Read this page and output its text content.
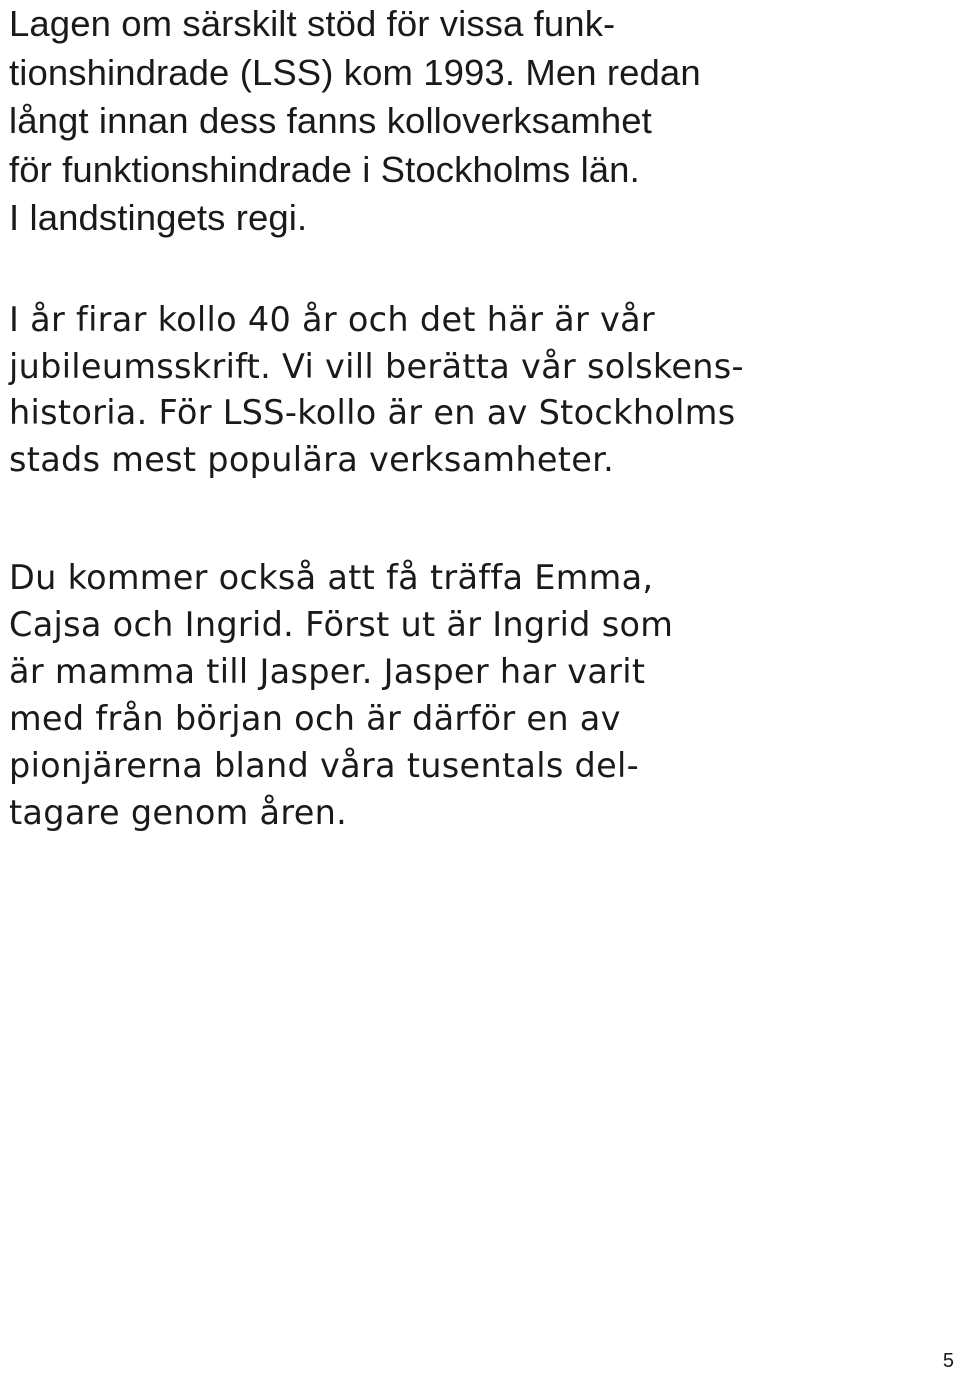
Lagen om särskilt stöd för vissa funk-
tionshindrade (LSS) kom 1993. Men redan
långt innan dess fanns kolloverksamhet
för funktionshindrade i Stockholms län.
I landstingets regi.

I år firar kollo 40 år och det här är vår
jubileumsskrift. Vi vill berätta vår solskens-
historia. För LSS-kollo är en av Stockholms
stads mest populära verksamheter.

Du kommer också att få träffa Emma,
Cajsa och Ingrid. Först ut är Ingrid som
är mamma till Jasper. Jasper har varit
med från början och är därför en av
pionjärerna bland våra tusentals del-
tagare genom åren.

5
